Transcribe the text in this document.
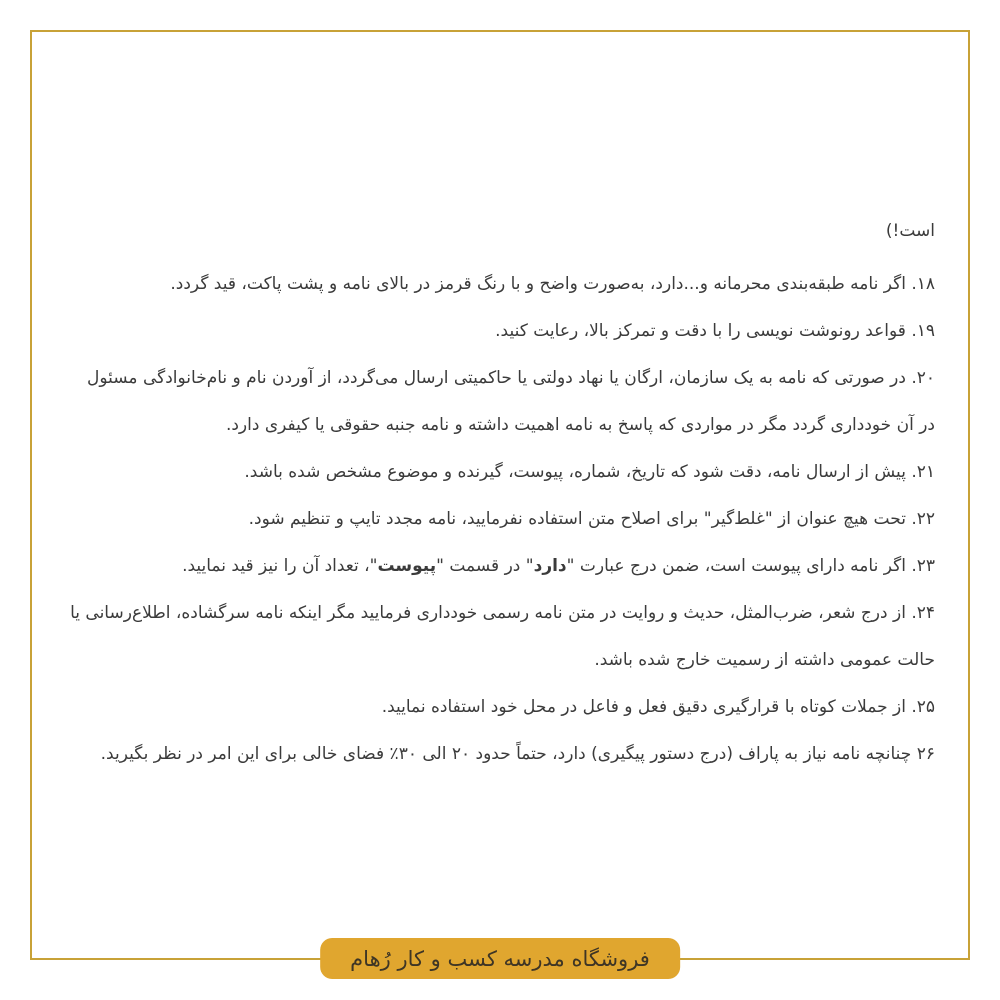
است!)

۱۸. اگر نامه طبقه‌بندی محرمانه و...دارد، به‌صورت واضح و با رنگ قرمز در بالای نامه و پشت پاکت، قید گردد.

۱۹. قواعد رونوشت نویسی را با دقت و تمرکز بالا، رعایت کنید.

۲۰. در صورتی که نامه به یک سازمان، ارگان یا نهاد دولتی یا حاکمیتی ارسال می‌گردد، از آوردن نام و نام‌خانوادگی مسئول در آن خودداری گردد مگر در مواردی که پاسخ به نامه اهمیت داشته و نامه جنبه حقوقی یا کیفری دارد.

۲۱. پیش از ارسال نامه، دقت شود که تاریخ، شماره، پیوست، گیرنده و موضوع مشخص شده باشد.

۲۲. تحت هیچ عنوان از "غلط‌گیر" برای اصلاح متن استفاده نفرمایید، نامه مجدد تایپ و تنظیم شود.

۲۳. اگر نامه دارای پیوست است، ضمن درج عبارت "دارد" در قسمت "پیوست"، تعداد آن را نیز قید نمایید.

۲۴. از درج شعر، ضرب‌المثل، حدیث و روایت در متن نامه رسمی خودداری فرمایید مگر اینکه نامه سرگشاده، اطلاع‌رسانی یا حالت عمومی داشته از رسمیت خارج شده باشد.

۲۵. از جملات کوتاه با قرارگیری دقیق فعل و فاعل در محل خود استفاده نمایید.

۲۶ چنانچه نامه نیاز به پاراف (درج دستور پیگیری) دارد، حتماً حدود ۲۰ الی ۳۰٪ فضای خالی برای این امر در نظر بگیرید.

فروشگاه مدرسه کسب و کار رُهام
